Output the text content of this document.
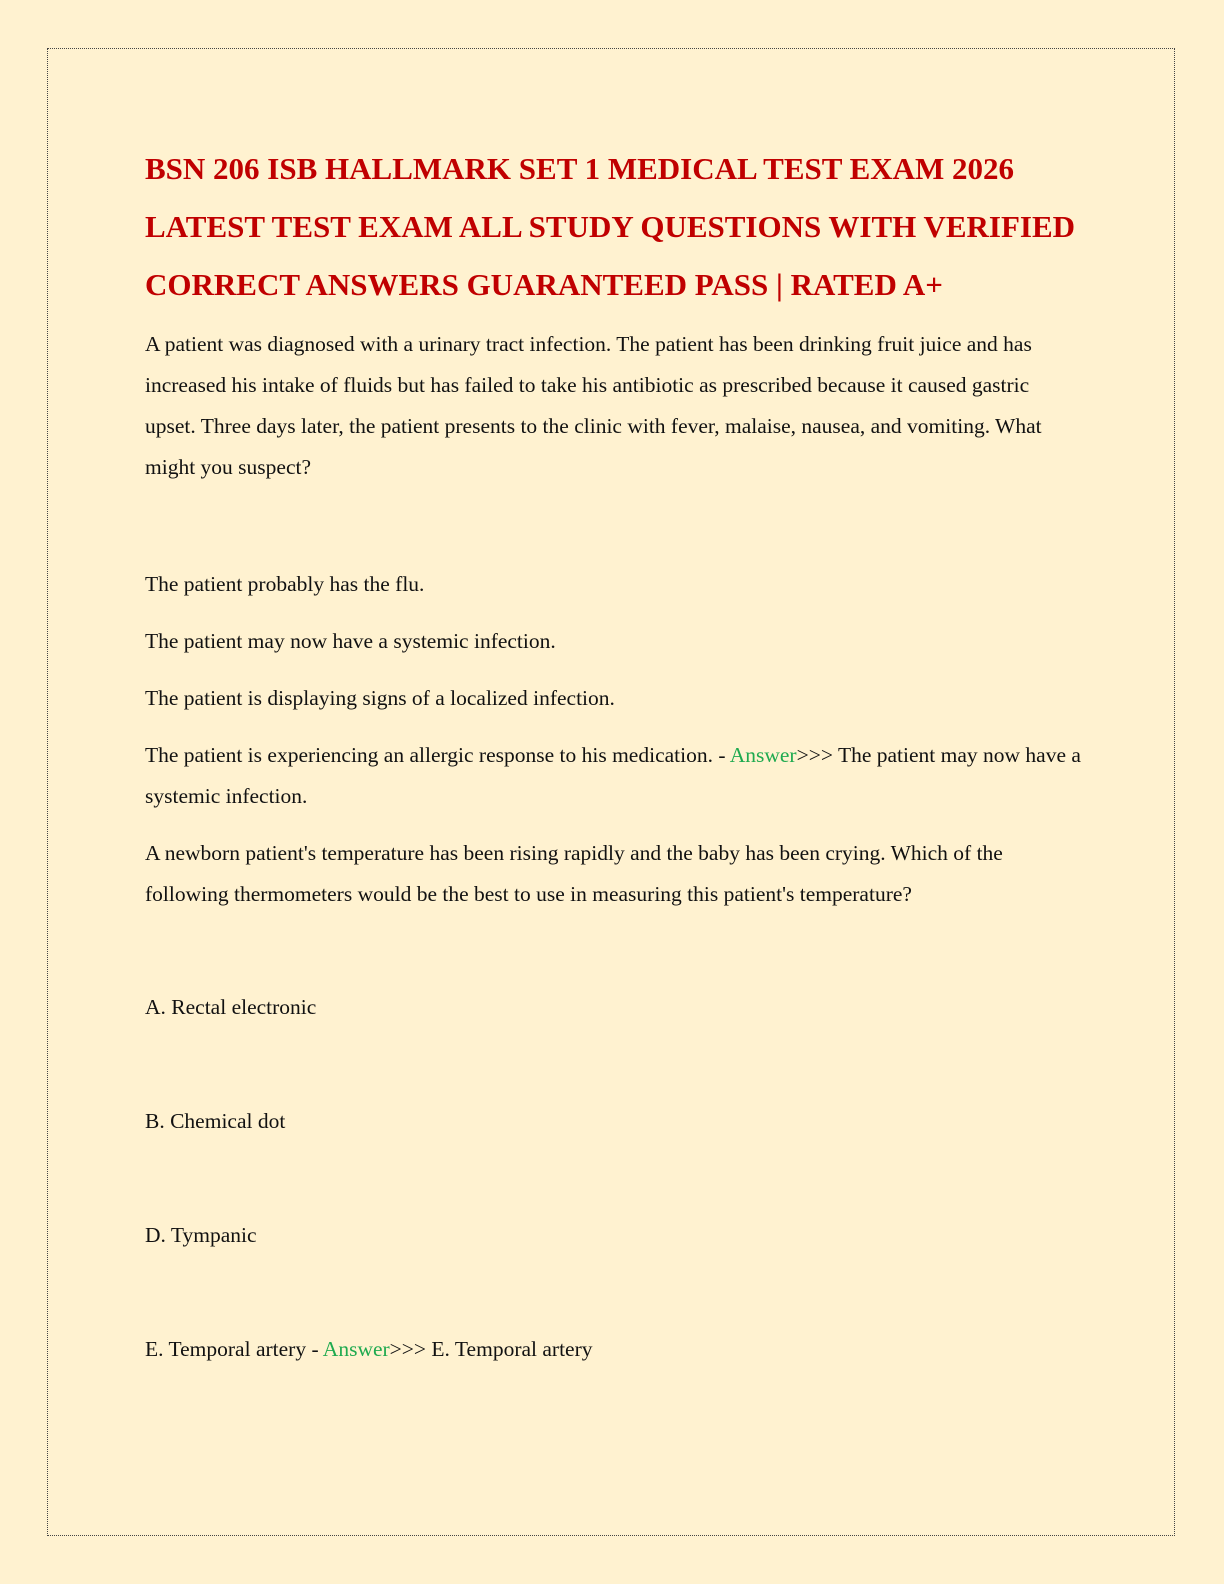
BSN 206 ISB HALLMARK SET 1 MEDICAL TEST EXAM 2026 LATEST TEST EXAM ALL STUDY QUESTIONS WITH VERIFIED CORRECT ANSWERS GUARANTEED PASS | RATED A+

A patient was diagnosed with a urinary tract infection. The patient has been drinking fruit juice and has increased his intake of fluids but has failed to take his antibiotic as prescribed because it caused gastric upset. Three days later, the patient presents to the clinic with fever, malaise, nausea, and vomiting. What might you suspect?

The patient probably has the flu.

The patient may now have a systemic infection.

The patient is displaying signs of a localized infection.

The patient is experiencing an allergic response to his medication. - Answer>>> The patient may now have a systemic infection.

A newborn patient's temperature has been rising rapidly and the baby has been crying. Which of the following thermometers would be the best to use in measuring this patient's temperature?

A. Rectal electronic

B. Chemical dot

D. Tympanic

E. Temporal artery - Answer>>> E. Temporal artery
